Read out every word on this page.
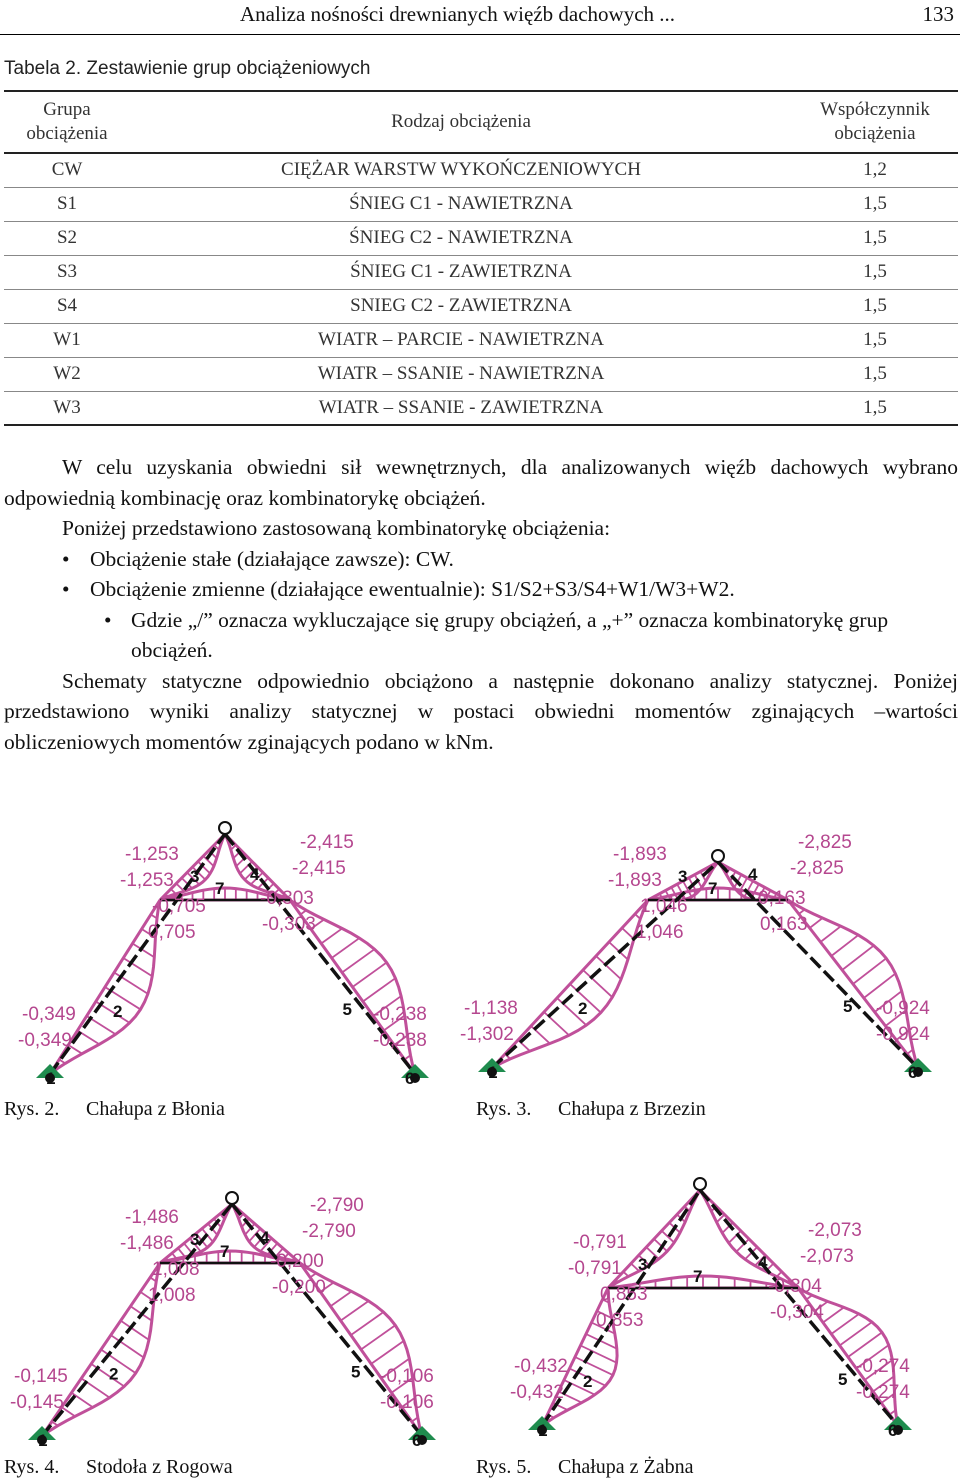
Analiza nośności drewnianych więźb dachowych ...	133
Tabela 2. Zestawienie grup obciążeniowych
Grupa obciążenia	Rodzaj obciążenia	Współczynnik obciążenia
CW	CIĘŻAR WARSTW WYKOŃCZENIOWYCH	1,2
S1	ŚNIEG C1 - NAWIETRZNA	1,5
S2	ŚNIEG C2 - NAWIETRZNA	1,5
S3	ŚNIEG C1 - ZAWIETRZNA	1,5
S4	SNIEG C2 - ZAWIETRZNA	1,5
W1	WIATR – PARCIE - NAWIETRZNA	1,5
W2	WIATR – SSANIE - NAWIETRZNA	1,5
W3	WIATR – SSANIE - ZAWIETRZNA	1,5

W celu uzyskania obwiedni sił wewnętrznych, dla analizowanych więźb dachowych wybrano odpowiednią kombinację oraz kombinatorykę obciążeń.

Poniżej przedstawiono zastosowaną kombinatorykę obciążenia:

• Obciążenie stałe (działające zawsze): CW.
• Obciążenie zmienne (działające ewentualnie): S1/S2+S3/S4+W1/W3+W2.
• Gdzie „/” oznacza wykluczające się grupy obciążeń, a „+” oznacza kombinatorykę grup obciążeń.

Schematy statyczne odpowiednio obciążono a następnie dokonano analizy statycznej. Poniżej przedstawiono wyniki analizy statycznej w postaci obwiedni momentów zginających –wartości obliczeniowych momentów zginających podano w kNm.

1
2
3	4
5
6
7
-1,253
-1,253
-0,705
0,705
-2,415
-2,415
-0,303
-0,303
-0,349
-0,349
-0,238
-0,238
Rys. 2. Chałupa z Błonia
1
2
3	4
5
6
7
-1,893
-1,893
1,046
1,046
-2,825
-2,825
0,163
0,163
-1,138
-1,302
-0,924
-0,924
Rys. 3. Chałupa z Brzezin
1
2
3	4
5
6
7
-1,486
-1,486
1,008
1,008
-2,790
-2,790
-0,200
-0,200
-0,145
-0,145
-0,106
-0,106
Rys. 4. Stodoła z Rogowa
1
2
3	4
5
6
7
-0,791
-0,791
0,853
0,853
-2,073
-2,073
-0,304
-0,304
-0,432
-0,432
-0,274
-0,274
Rys. 5. Chałupa z Żabna
